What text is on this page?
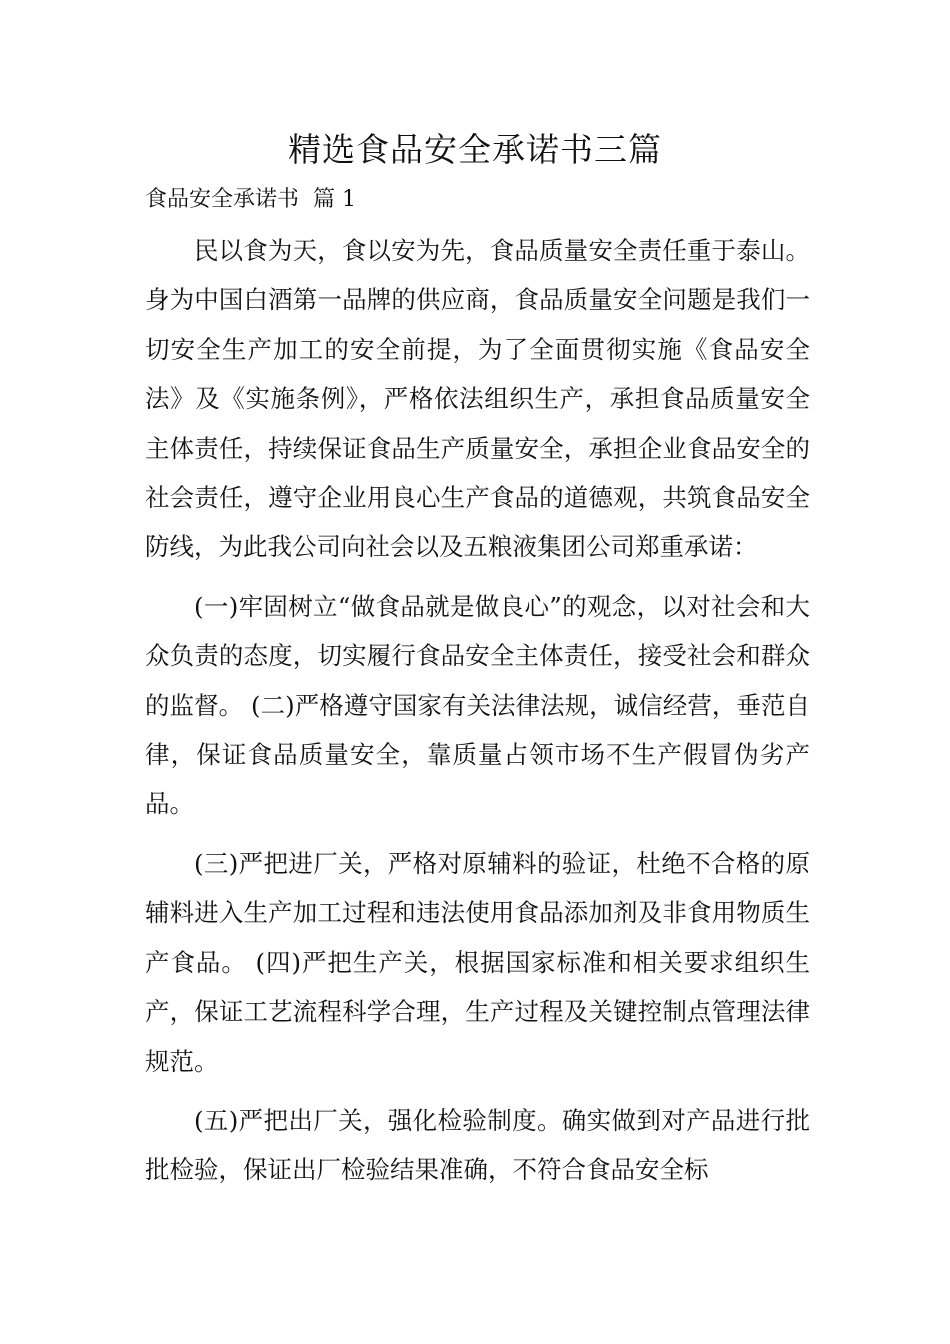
精选食品安全承诺书三篇
食品安全承诺书  篇 1

民以食为天，食以安为先，食品质量安全责任重于泰山。身为中国白酒第一品牌的供应商，食品质量安全问题是我们一切安全生产加工的安全前提，为了全面贯彻实施《食品安全法》及《实施条例》，严格依法组织生产，承担食品质量安全主体责任，持续保证食品生产质量安全，承担企业食品安全的社会责任，遵守企业用良心生产食品的道德观，共筑食品安全防线，为此我公司向社会以及五粮液集团公司郑重承诺：

(一)牢固树立“做食品就是做良心”的观念，以对社会和大众负责的态度，切实履行食品安全主体责任，接受社会和群众的监督。 (二)严格遵守国家有关法律法规，诚信经营，垂范自律，保证食品质量安全，靠质量占领市场不生产假冒伪劣产品。

(三)严把进厂关，严格对原辅料的验证，杜绝不合格的原辅料进入生产加工过程和违法使用食品添加剂及非食用物质生产食品。 (四)严把生产关，根据国家标准和相关要求组织生产，保证工艺流程科学合理，生产过程及关键控制点管理法律规范。

(五)严把出厂关，强化检验制度。确实做到对产品进行批批检验，保证出厂检验结果准确，不符合食品安全标
